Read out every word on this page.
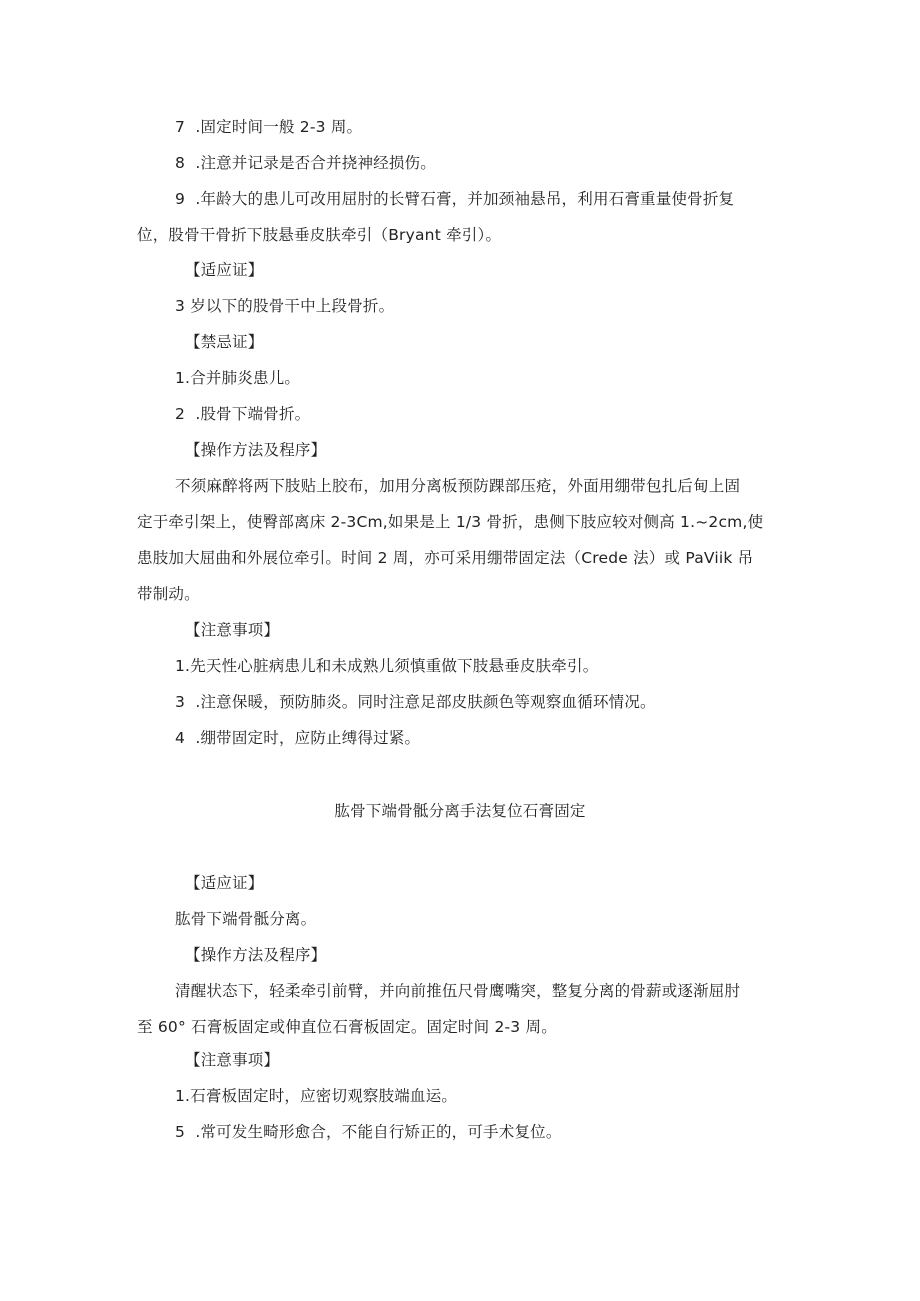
7  .固定时间一般 2-3 周。
8  .注意并记录是否合并挠神经损伤。
9  .年龄大的患儿可改用屈肘的长臂石膏，并加颈袖悬吊，利用石膏重量使骨折复
位，股骨干骨折下肢悬垂皮肤牵引（Bryant 牵引）。
【适应证】
3 岁以下的股骨干中上段骨折。
【禁忌证】
1.合并肺炎患儿。
2  .股骨下端骨折。
【操作方法及程序】
不须麻醉将两下肢贴上胶布，加用分离板预防踝部压疮，外面用绷带包扎后甸上固
定于牵引架上，使臀部离床 2-3Cm,如果是上 1/3 骨折，患侧下肢应较对侧高 1.~2cm,使
患肢加大屈曲和外展位牵引。时间 2 周，亦可采用绷带固定法（Crede 法）或 PaViik 吊
带制动。
【注意事项】
1.先天性心脏病患儿和未成熟儿须慎重做下肢悬垂皮肤牵引。
3  .注意保暖，预防肺炎。同时注意足部皮肤颜色等观察血循环情况。
4  .绷带固定时，应防止缚得过紧。
肱骨下端骨骶分离手法复位石膏固定
【适应证】
肱骨下端骨骶分离。
【操作方法及程序】
清醒状态下，轻柔牵引前臂，并向前推伍尺骨鹰嘴突，整复分离的骨薪或逐渐屈肘
至 60° 石膏板固定或伸直位石膏板固定。固定时间 2-3 周。
【注意事项】
1.石膏板固定时，应密切观察肢端血运。
5  .常可发生畸形愈合，不能自行矫正的，可手术复位。
